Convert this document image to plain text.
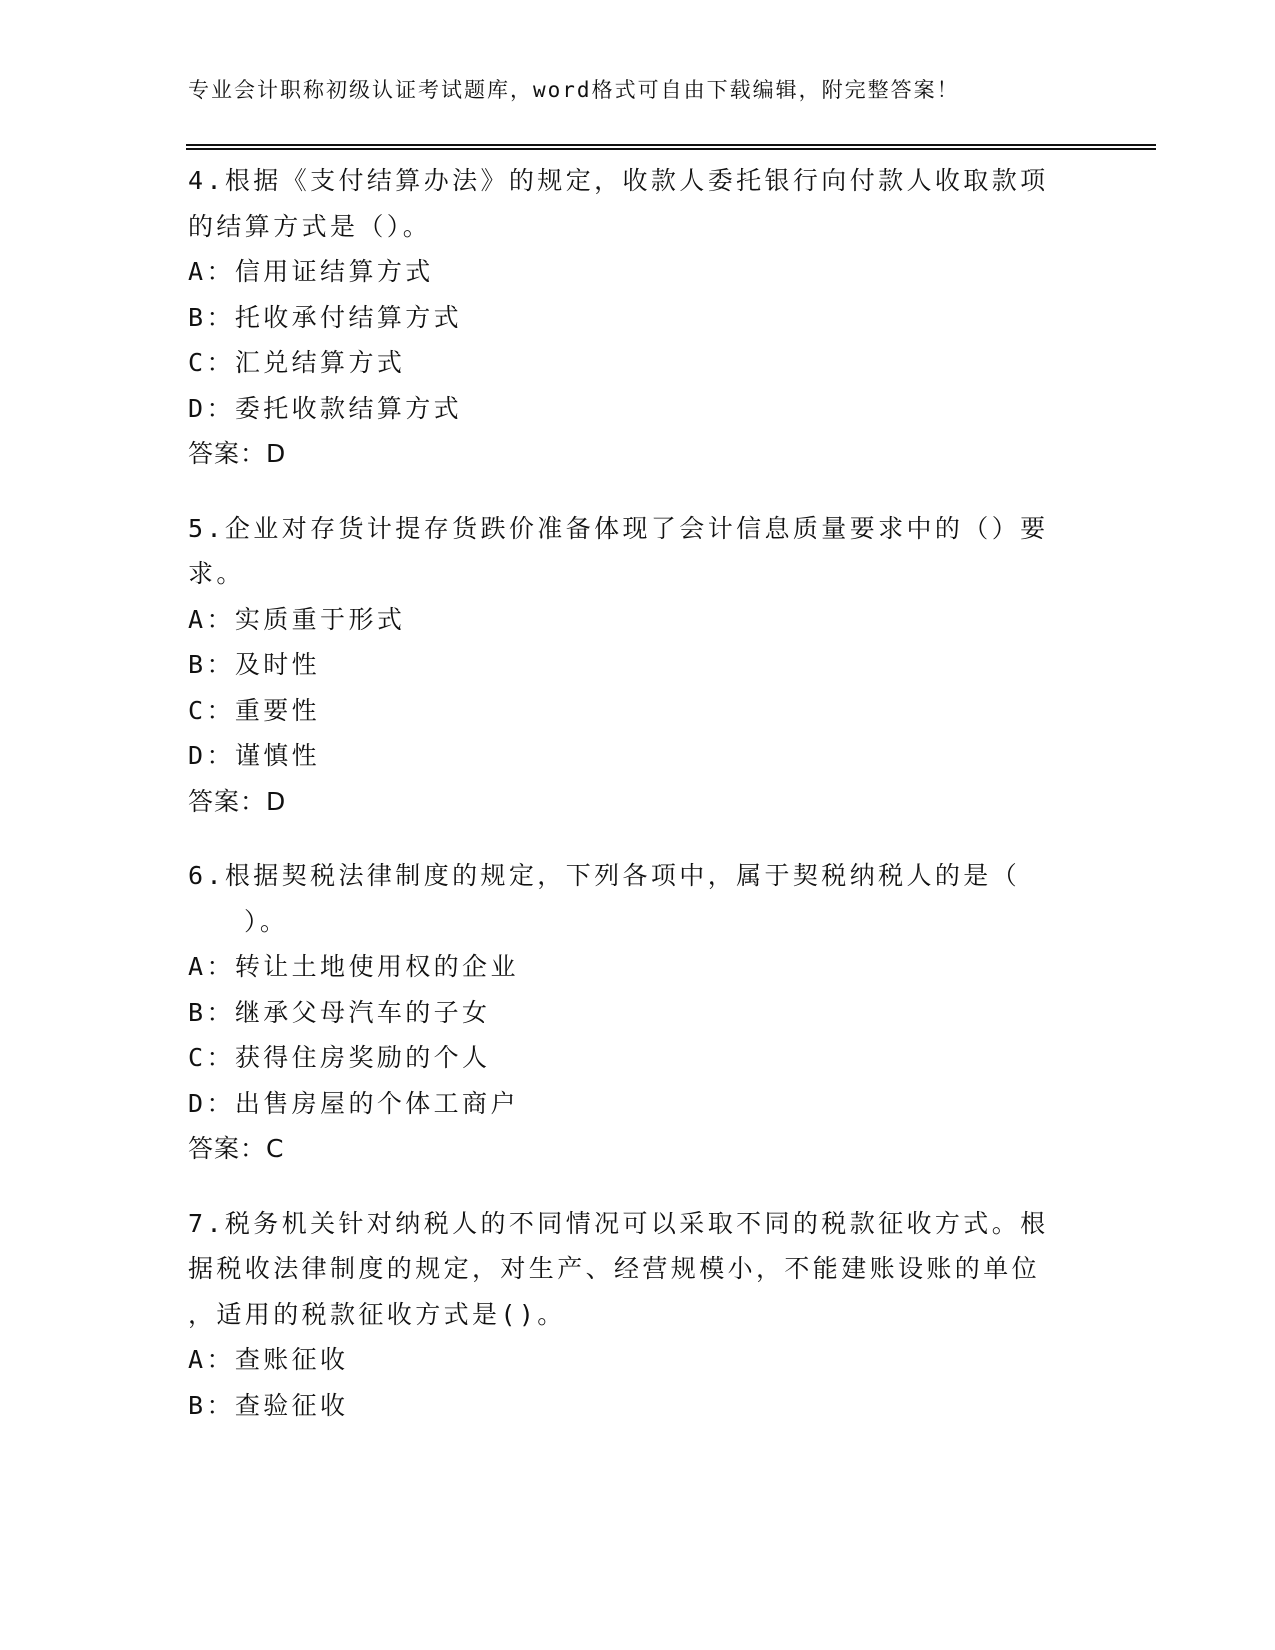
专业会计职称初级认证考试题库，word格式可自由下载编辑，附完整答案！
4.根据《支付结算办法》的规定，收款人委托银行向付款人收取款项
的结算方式是（）。
A：信用证结算方式
B：托收承付结算方式
C：汇兑结算方式
D：委托收款结算方式
答案：D
5.企业对存货计提存货跌价准备体现了会计信息质量要求中的（）要
求。
A：实质重于形式
B：及时性
C：重要性
D：谨慎性
答案：D
6.根据契税法律制度的规定，下列各项中，属于契税纳税人的是（
）。
A：转让土地使用权的企业
B：继承父母汽车的子女
C：获得住房奖励的个人
D：出售房屋的个体工商户
答案：C
7.税务机关针对纳税人的不同情况可以采取不同的税款征收方式。根
据税收法律制度的规定，对生产、经营规模小，不能建账设账的单位
，适用的税款征收方式是()。
A：查账征收
B：查验征收
